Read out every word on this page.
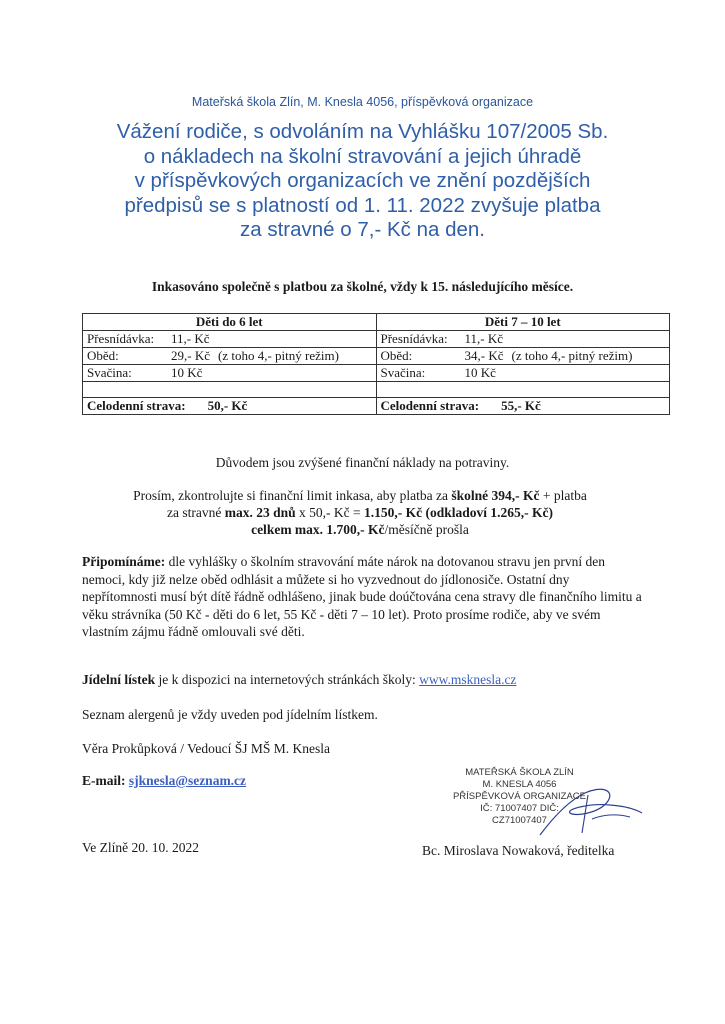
Mateřská škola Zlín, M. Knesla 4056, příspěvková organizace
Vážení rodiče, s odvoláním na Vyhlášku 107/2005 Sb.
o nákladech na školní stravování a jejich úhradě
v příspěvkových organizacích ve znění pozdějších
předpisů se s platností od 1. 11. 2022 zvyšuje platba
za stravné o 7,- Kč na den.
Inkasováno společně s platbou za školné, vždy k 15. následujícího měsíce.
Děti do 6 let	Děti 7 – 10 let
Přesnídávka: 11,- Kč	Přesnídávka: 11,- Kč
Oběd: 29,- Kč (z toho 4,- pitný režim)	Oběd: 34,- Kč (z toho 4,- pitný režim)
Svačina: 10 Kč	Svačina: 10 Kč

Celodenní strava: 50,- Kč	Celodenní strava: 55,- Kč
Důvodem jsou zvýšené finanční náklady na potraviny.
Prosím, zkontrolujte si finanční limit inkasa, aby platba za školné 394,- Kč + platba
za stravné max. 23 dnů x 50,- Kč = 1.150,- Kč (odkladoví 1.265,- Kč)
celkem max. 1.700,- Kč/měsíčně prošla
Připomínáme: dle vyhlášky o školním stravování máte nárok na dotovanou stravu jen první den nemoci, kdy již nelze oběd odhlásit a můžete si ho vyzvednout do jídlonosiče. Ostatní dny nepřítomnosti musí být dítě řádně odhlášeno, jinak bude doúčtována cena stravy dle finančního limitu a věku strávníka (50 Kč - děti do 6 let, 55 Kč - děti 7 – 10 let). Proto prosíme rodiče, aby ve svém vlastním zájmu řádně omlouvali své děti.
Jídelní lístek je k dispozici na internetových stránkách školy: www.msknesla.cz
Seznam alergenů je vždy uveden pod jídelním lístkem.
Věra Prokůpková / Vedoucí ŠJ MŠ M. Knesla
E-mail: sjknesla@seznam.cz
MATEŘSKÁ ŠKOLA ZLÍN
M. KNESLA 4056
PŘÍSPĚVKOVÁ ORGANIZACE
IČ: 71007407 DIČ: CZ71007407
Ve Zlíně 20. 10. 2022	Bc. Miroslava Nowaková, ředitelka
